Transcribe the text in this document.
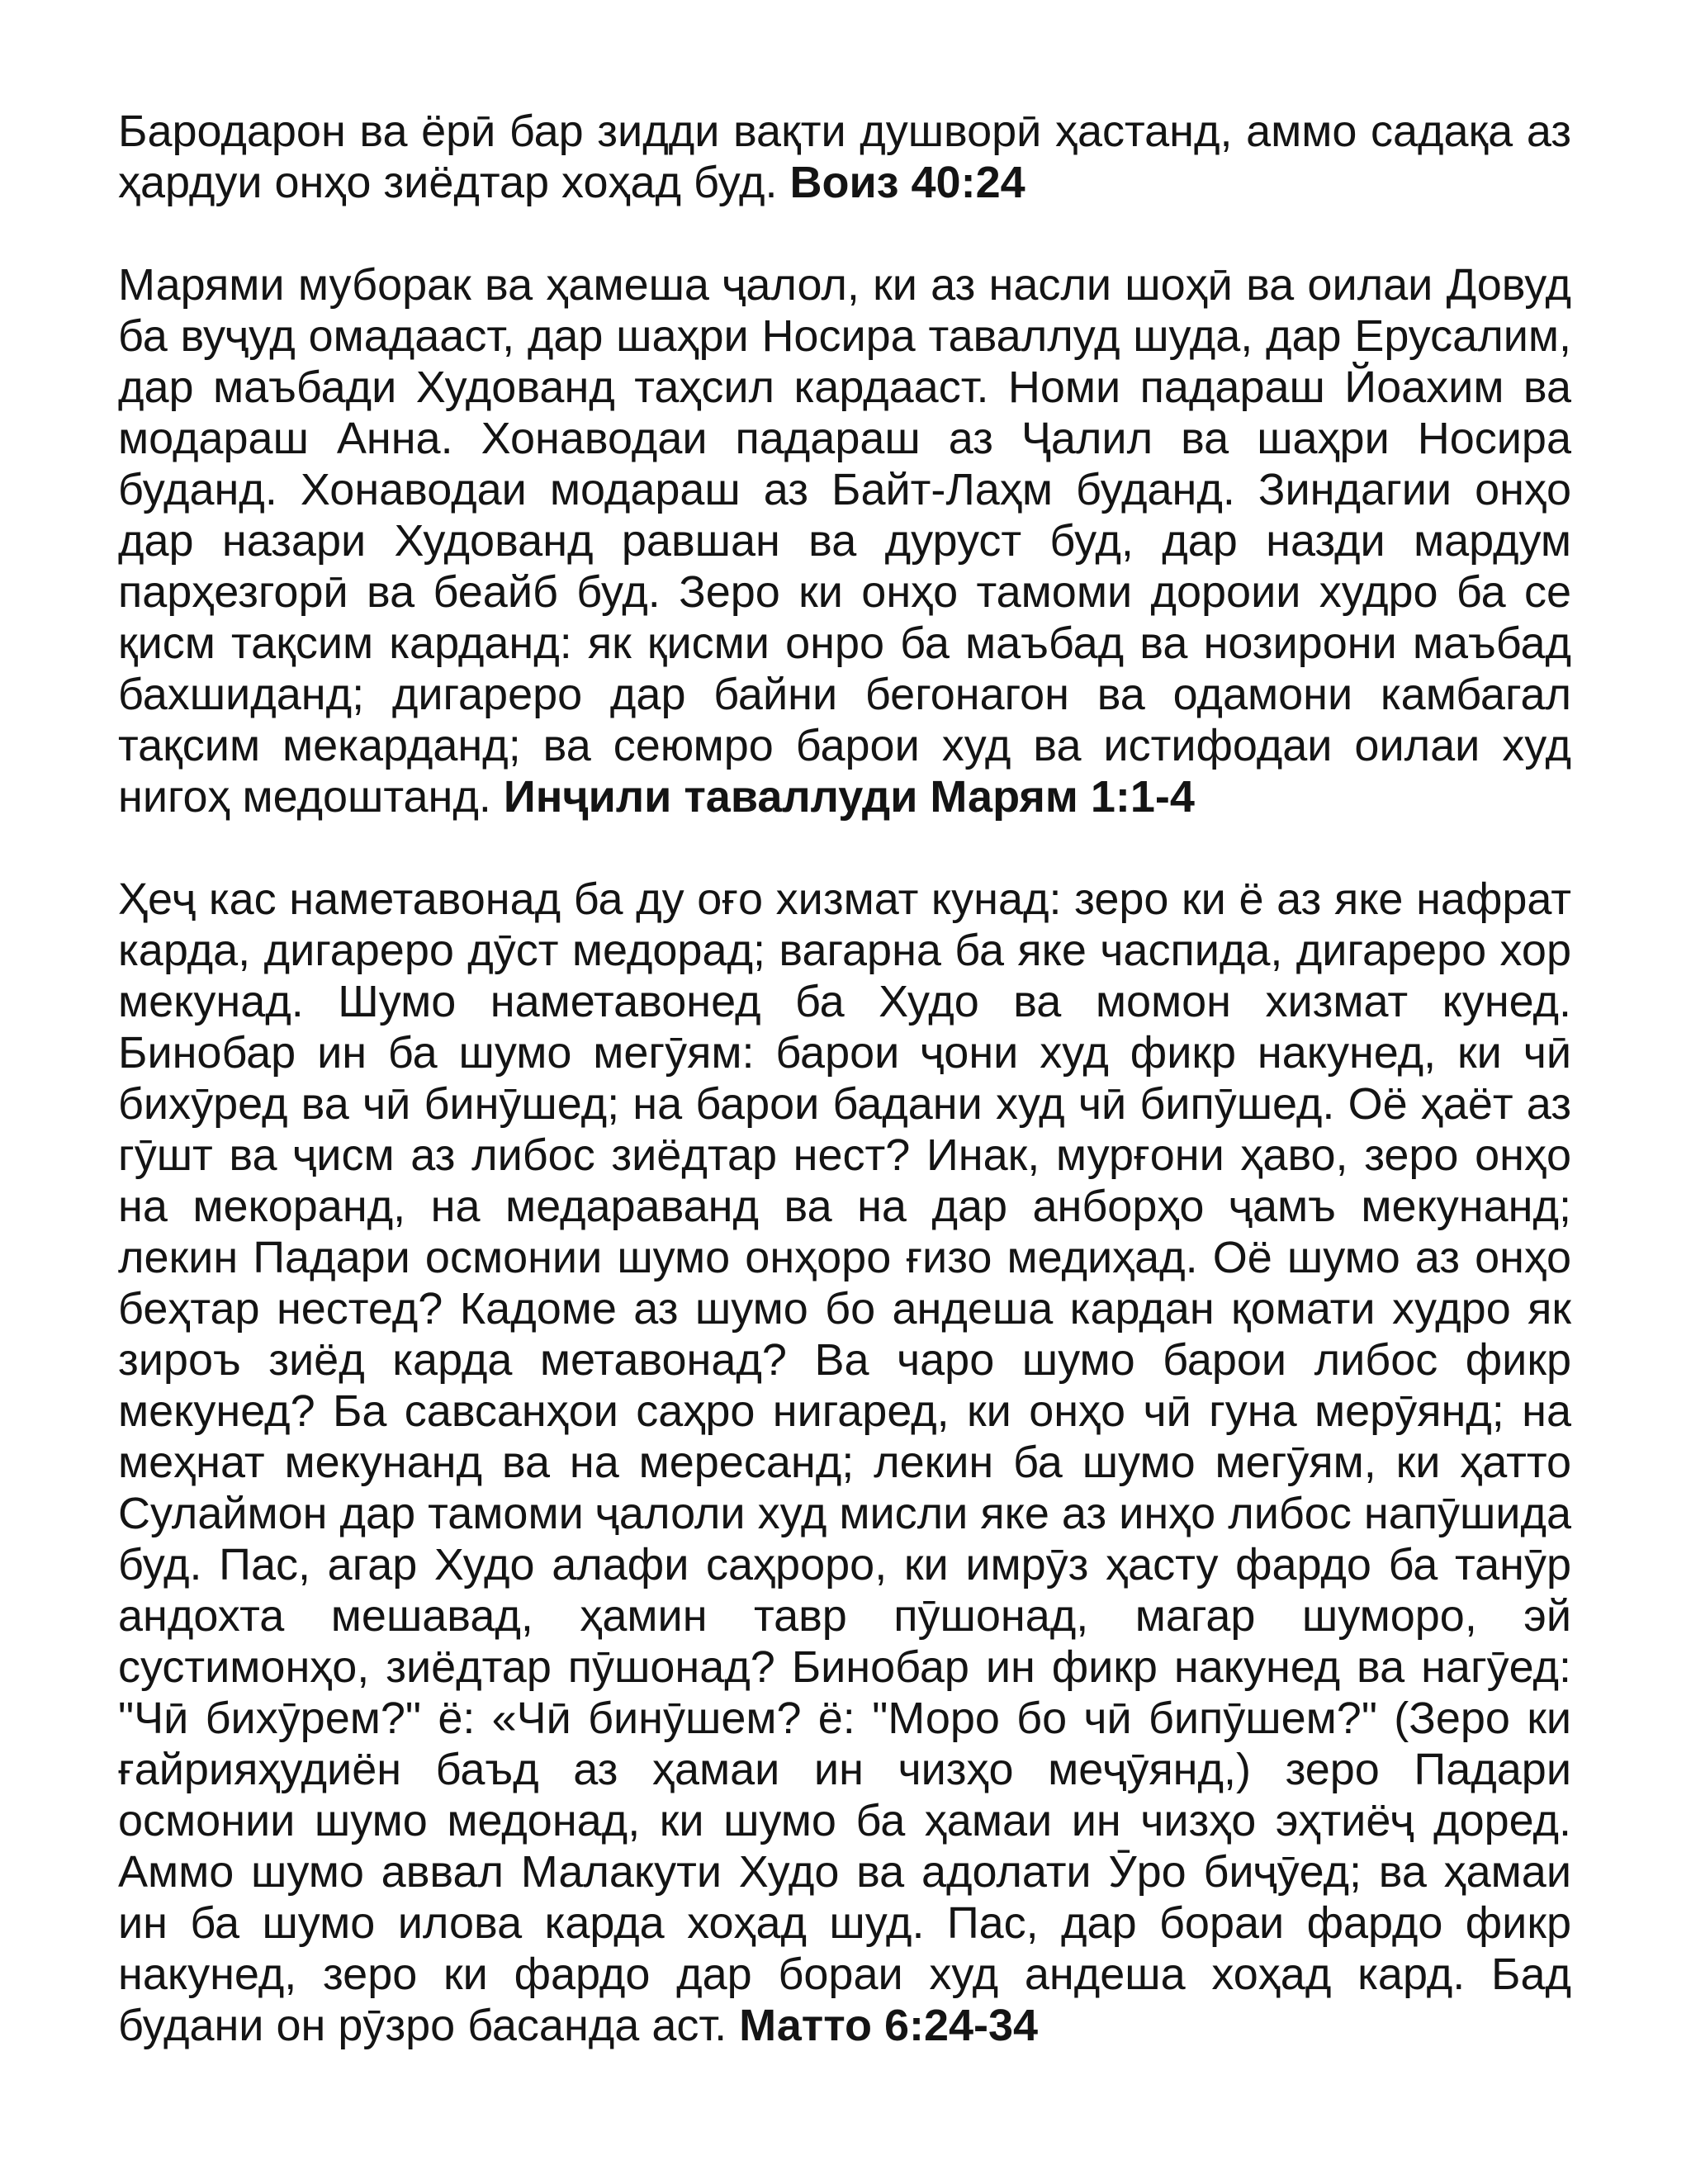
Бародарон ва ёрӣ бар зидди вақти душворӣ ҳастанд, аммо садақа аз ҳардуи онҳо зиёдтар хоҳад буд. Воиз 40:24

Марями муборак ва ҳамеша ҷалол, ки аз насли шоҳӣ ва оилаи Довуд ба вуҷуд омадааст, дар шаҳри Носира таваллуд шуда, дар Ерусалим, дар маъбади Худованд таҳсил кардааст. Номи падараш Йоахим ва модараш Анна. Хонаводаи падараш аз Ҷалил ва шаҳри Носира буданд. Хонаводаи модараш аз Байт-Лаҳм буданд. Зиндагии онҳо дар назари Худованд равшан ва дуруст буд, дар назди мардум парҳезгорӣ ва беайб буд. Зеро ки онҳо тамоми дороии худро ба се қисм тақсим карданд: як қисми онро ба маъбад ва нозирони маъбад бахшиданд; дигареро дар байни бегонагон ва одамони камбагал тақсим мекарданд; ва сеюмро барои худ ва истифодаи оилаи худ нигоҳ медоштанд. Инҷили таваллуди Марям 1:1-4

Ҳеҷ кас наметавонад ба ду оғо хизмат кунад: зеро ки ё аз яке нафрат карда, дигареро дӯст медорад; вагарна ба яке часпида, дигареро хор мекунад. Шумо наметавонед ба Худо ва момон хизмат кунед. Бинобар ин ба шумо мегӯям: барои ҷони худ фикр накунед, ки чӣ бихӯред ва чӣ бинӯшед; на барои бадани худ чӣ бипӯшед. Оё ҳаёт аз гӯшт ва ҷисм аз либос зиёдтар нест? Инак, мурғони ҳаво, зеро онҳо на мекоранд, на медараванд ва на дар анборҳо ҷамъ мекунанд; лекин Падари осмонии шумо онҳоро ғизо медиҳад. Оё шумо аз онҳо беҳтар нестед? Кадоме аз шумо бо андеша кардан қомати худро як зироъ зиёд карда метавонад? Ва чаро шумо барои либос фикр мекунед? Ба савсанҳои саҳро нигаред, ки онҳо чӣ гуна мерӯянд; на меҳнат мекунанд ва на мересанд; лекин ба шумо мегӯям, ки ҳатто Сулаймон дар тамоми ҷалоли худ мисли яке аз инҳо либос напӯшида буд. Пас, агар Худо алафи саҳроро, ки имрӯз ҳасту фардо ба танӯр андохта мешавад, ҳамин тавр пӯшонад, магар шуморо, эй сустимонҳо, зиёдтар пӯшонад? Бинобар ин фикр накунед ва нагӯед: "Чӣ бихӯрем?" ё: «Чӣ бинӯшем? ё: "Моро бо чӣ бипӯшем?" (Зеро ки ғайрияҳудиён баъд аз ҳамаи ин чизҳо меҷӯянд,) зеро Падари осмонии шумо медонад, ки шумо ба ҳамаи ин чизҳо эҳтиёҷ доред. Аммо шумо аввал Малакути Худо ва адолати Ӯро биҷӯед; ва ҳамаи ин ба шумо илова карда хоҳад шуд. Пас, дар бораи фардо фикр накунед, зеро ки фардо дар бораи худ андеша хоҳад кард. Бад будани он рӯзро басанда аст. Матто 6:24-34
